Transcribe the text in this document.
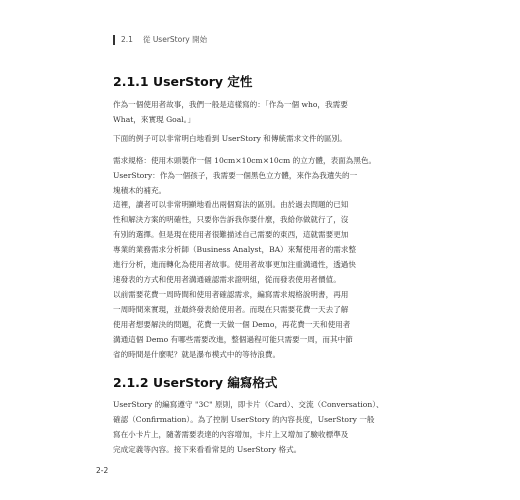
2.1 從 UserStory 開始
2.1.1 UserStory 定性
作為一個使用者故事，我們一般是這樣寫的：「作為一個 who，我需要
What，來實現 Goal。」
下面的例子可以非常明白地看到 UserStory 和傳統需求文件的區別。
需求規格：使用木頭製作一個 10cm×10cm×10cm 的立方體，表面為黑色。
UserStory：作為一個孩子，我需要一個黑色立方體，來作為我遺失的一
塊積木的補充。
這裡，讀者可以非常明顯地看出兩個寫法的區別。由於過去問題的已知
性和解決方案的明確性，只要你告訴我你要什麼，我給你做就行了，沒
有別的選擇。但是現在使用者很難描述自己需要的東西，這就需要更加
專業的業務需求分析師（Business Analyst，BA）來幫使用者的需求整
進行分析，進而轉化為使用者故事。使用者故事更加注重溝通性，透過快
速發表的方式和使用者溝通確認需求證明組，從而發表使用者價值。
以前需要花費一周時間和使用者確認需求，編寫需求規格說明書，再用
一周時間來實現，並最終發表給使用者。而現在只需要花費一天去了解
使用者想要解決的問題，花費一天做一個 Demo，再花費一天和使用者
溝通這個 Demo 有哪些需要改進，整個過程可能只需要一周，而其中節
省的時間是什麼呢？就是瀑布模式中的等待浪費。
2.1.2 UserStory 編寫格式
UserStory 的編寫遵守 "3C" 原則，即卡片（Card）、交流（Conversation）、
確認（Confirmation）。為了控制 UserStory 的內容長度，UserStory 一般
寫在小卡片上，隨著需要表達的內容增加，卡片上又增加了驗收標準及
完成定義等內容。接下來看看常見的 UserStory 格式。
2-2
